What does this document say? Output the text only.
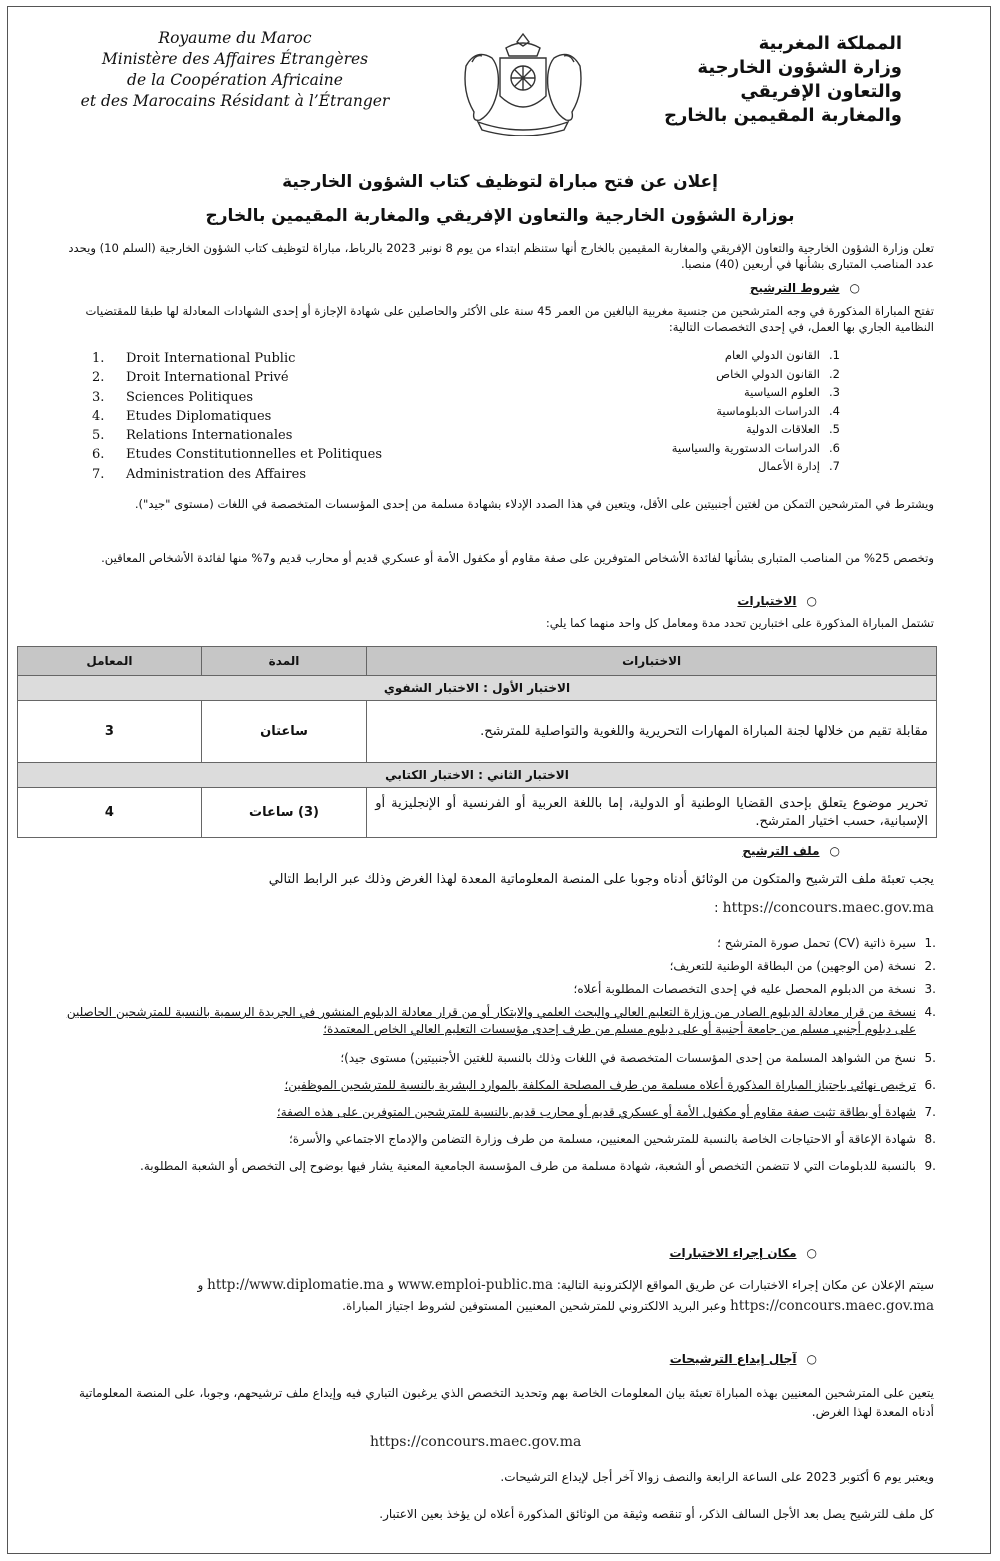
Royaume du Maroc
Ministère des Affaires Étrangères
de la Coopération Africaine
et des Marocains Résidant à l’Étranger
المملكة المغربية
وزارة الشؤون الخارجية
والتعاون الإفريقي
والمغاربة المقيمين بالخارج
إعلان عن فتح مباراة لتوظيف كتاب الشؤون الخارجية
بوزارة الشؤون الخارجية والتعاون الإفريقي والمغاربة المقيمين بالخارج
تعلن وزارة الشؤون الخارجية والتعاون الإفريقي والمغاربة المقيمين بالخارج أنها ستنظم ابتداء من يوم 8 نونبر 2023 بالرباط، مباراة لتوظيف كتاب الشؤون الخارجية (السلم 10) ويحدد عدد المناصب المتبارى بشأنها في أربعين (40) منصبا.
○شروط الترشيح
تفتح المباراة المذكورة في وجه المترشحين من جنسية مغربية البالغين من العمر 45 سنة على الأكثر والحاصلين على شهادة الإجازة أو إحدى الشهادات المعادلة لها طبقا للمقتضيات النظامية الجاري بها العمل، في إحدى التخصصات التالية:
1. Droit International Public
2. Droit International Privé
3. Sciences Politiques
4. Etudes Diplomatiques
5. Relations Internationales
6. Etudes Constitutionnelles et Politiques
7. Administration des Affaires
1.القانون الدولي العام
2.القانون الدولي الخاص
3.العلوم السياسية
4.الدراسات الدبلوماسية
5.العلاقات الدولية
6.الدراسات الدستورية والسياسية
7.إدارة الأعمال
ويشترط في المترشحين التمكن من لغتين أجنبيتين على الأقل، ويتعين في هذا الصدد الإدلاء بشهادة مسلمة من إحدى المؤسسات المتخصصة في اللغات (مستوى "جيد").
وتخصص 25% من المناصب المتبارى بشأنها لفائدة الأشخاص المتوفرين على صفة مقاوم أو مكفول الأمة أو عسكري قديم أو محارب قديم و7% منها لفائدة الأشخاص المعاقين.
○الاختبارات
تشتمل المباراة المذكورة على اختبارين تحدد مدة ومعامل كل واحد منهما كما يلي:
الاختبارات	المدة	المعامل
الاختبار الأول : الاختبار الشفوي		
مقابلة تقيم من خلالها لجنة المباراة المهارات التحريرية واللغوية والتواصلية للمترشح.	ساعتان	3
الاختبار الثاني : الاختبار الكتابي		
تحرير موضوع يتعلق بإحدى القضايا الوطنية أو الدولية، إما باللغة العربية أو الفرنسية أو الإنجليزية أو الإسبانية، حسب اختيار المترشح.	(3) ساعات	4
○ملف الترشيح
يجب تعبئة ملف الترشيح والمتكون من الوثائق أدناه وجوبا على المنصة المعلوماتية المعدة لهذا الغرض وذلك عبر الرابط التالي https://concours.maec.gov.ma :
.1
سيرة ذاتية (CV) تحمل صورة المترشح ؛
.2
نسخة (من الوجهين) من البطاقة الوطنية للتعريف؛
.3
نسخة من الدبلوم المحصل عليه في إحدى التخصصات المطلوبة أعلاه؛
.4
نسخة من قرار معادلة الدبلوم الصادر من وزارة التعليم العالي والبحث العلمي والابتكار أو من قرار معادلة الدبلوم المنشور في الجريدة الرسمية بالنسبة للمترشحين الحاصلين على دبلوم أجنبي مسلم من جامعة أجنبية أو على دبلوم مسلم من طرف إحدى مؤسسات التعليم العالي الخاص المعتمدة؛
.5
نسخ من الشواهد المسلمة من إحدى المؤسسات المتخصصة في اللغات وذلك بالنسبة للغتين الأجنبيتين) مستوى جيد)؛
.6
ترخيص نهائي باجتياز المباراة المذكورة أعلاه مسلمة من طرف المصلحة المكلفة بالموارد البشرية بالنسبة للمترشحين الموظفين؛
.7
شهادة أو بطاقة تثبت صفة مقاوم أو مكفول الأمة أو عسكري قديم أو محارب قديم بالنسبة للمترشحين المتوفرين على هذه الصفة؛
.8
شهادة الإعاقة أو الاحتياجات الخاصة بالنسبة للمترشحين المعنيين، مسلمة من طرف وزارة التضامن والإدماج الاجتماعي والأسرة؛
.9
بالنسبة للدبلومات التي لا تتضمن التخصص أو الشعبة، شهادة مسلمة من طرف المؤسسة الجامعية المعنية يشار فيها بوضوح إلى التخصص أو الشعبة المطلوبة.
○مكان إجراء الاختبارات
سيتم الإعلان عن مكان إجراء الاختبارات عن طريق المواقع الإلكترونية التالية: www.emploi-public.ma و http://www.diplomatie.ma و https://concours.maec.gov.ma وعبر البريد الالكتروني للمترشحين المعنيين المستوفين لشروط اجتياز المباراة.
○آجال إيداع الترشيحات
يتعين على المترشحين المعنيين بهذه المباراة تعبئة بيان المعلومات الخاصة بهم وتحديد التخصص الذي يرغبون التباري فيه وإيداع ملف ترشيحهم، وجوبا، على المنصة المعلوماتية أدناه المعدة لهذا الغرض.
https://concours.maec.gov.ma
ويعتبر يوم 6 أكتوبر 2023 على الساعة الرابعة والنصف زوالا آخر أجل لإيداع الترشيحات.
كل ملف للترشيح يصل بعد الأجل السالف الذكر، أو تنقصه وثيقة من الوثائق المذكورة أعلاه لن يؤخذ بعين الاعتبار.
